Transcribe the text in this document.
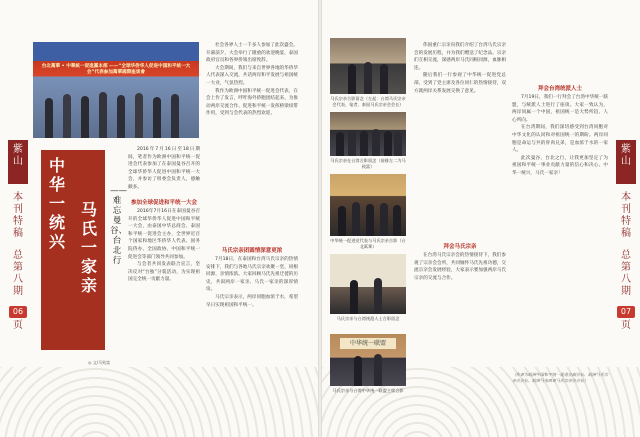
紫
山
本刊特稿
总第八期
06
页
台北萬華 • 中華統一促進黨本部 ——“全球华侨华人促进中国和平统一大会”代表参加萬華國際座谈會
中华一统兴
马氏一家亲
——难忘曼谷、台北行
◎ 文/马致富

2016年7月16日至18日期间，笔者作为欧洲中国和平统一促进会代表参加了在泰国曼谷召开的全球华侨华人促进中国和平统一大会，并参访了组委会负责人，感触颇多。

参加全球促进和平统一大会

2016年7月16日在泰国曼谷召开的全球华侨华人促进中国和平统一大会，由泰国中华总商会、泰国和平统一促进会主办，全世界近百个国家和地区华侨华人代表、国务院侨办、全国政协、中国和平统一促进会等部门领导共同参加。

与会者共同发表联合宣言，坚决反对“台独”分裂活动，为实现祖国完全统一贡献力量。

社会各界人士一千多人参加了此次盛会。开幕前夕，大会举行了隆重的欢迎晚宴，泰国政府官员和各界侨领出席致辞。

大会期间，我们与来自世界各地的华侨华人代表深入交流，共话两岸和平发展与祖国统一大业，气氛热烈。

我作为欧洲中国和平统一促进会代表，在会上作了发言，呼吁海外侨胞团结起来，为推动两岸交流合作、促进和平统一发挥桥梁纽带作用，受到与会代表的热烈欢迎。

马氏宗亲团圆情深意更浓

7月18日，在泰国和台湾马氏宗亲的热情安排下，我们与各地马氏宗亲欢聚一堂，同根同源，亲情浓浓。大家回顾马氏先祖迁徙的历史，共叙两岸一家亲、马氏一家亲的深厚情谊。

马氏宗亲表示，两岸同胞血浓于水，希望早日实现祖国和平统一。

马氏宗亲合影留念（左起：台湾马氏宗亲会代表、笔者、泰国马氏宗亲会会长）
马氏宗亲在台湾合影留念（前排左二为马致富）
中华统一促进党代表与马氏宗亲合影（台北萬華）
马氏宗亲与台湾统派人士合影留念
中华统一联盟
马氏宗亲与台湾中华统一联盟主席合影

伟国重仁宗亲向我们介绍了台湾马氏宗亲会的发展历程，并为我们赠送了纪念品。宗亲们互相交流，深感两岸马氏同根同源，血脉相连。

随后我们一行参观了中华统一促进党总部，受到了党主席及各位同仁的热情接待，双方就两岸关系发展交换了意见。

拜会马氏宗亲

在台湾马氏宗亲会的热情接待下，我们参观了宗亲会会所，共同缅怀马氏先祖功德，交流宗亲会发展经验，大家表示要加强两岸马氏宗亲的交流与合作。

拜会台湾统派人士

7月19日，我们一行拜会了台湾中华统一联盟，与统派人士进行了座谈。大家一致认为，两岸同属一个中国，祖国统一是大势所趋、人心所向。

在台湾期间，我们深切感受到台湾同胞对中华文化的认同和对祖国统一的期盼。两岸同胞是命运与共的骨肉兄弟，是血浓于水的一家人。

此次曼谷、台北之行，让我更加坚定了为祖国和平统一事业贡献力量的信心和决心。中华一统兴，马氏一家亲！

（作者为欧洲中国和平统一促进会副会长、欧洲马氏宗亲会会长、欧洲马来西亚马氏宗亲会会长）
紫
山
本刊特稿
总第八期
07
页
